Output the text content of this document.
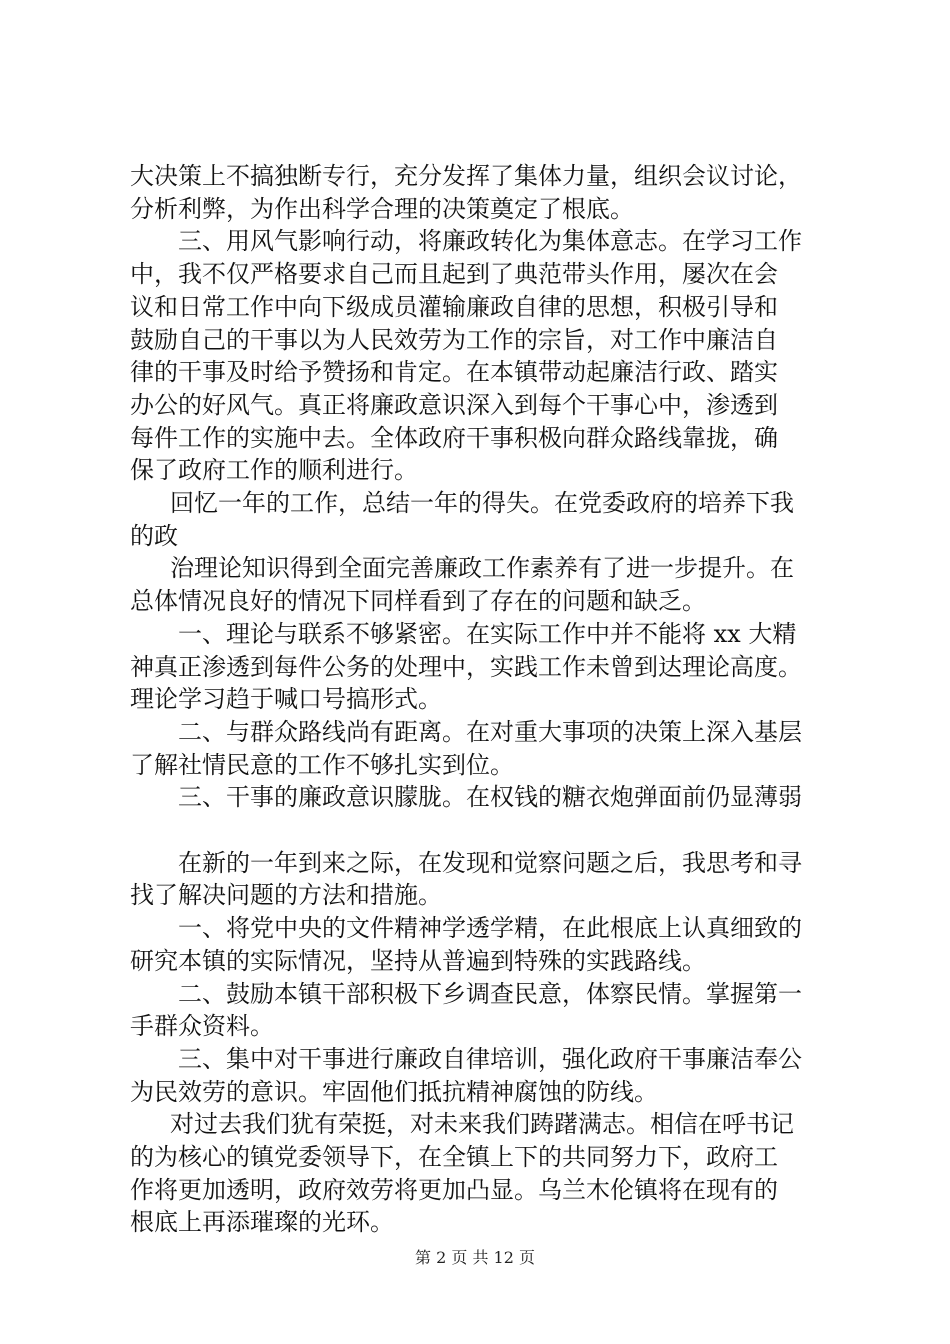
大决策上不搞独断专行，充分发挥了集体力量，组织会议讨论，
分析利弊，为作出科学合理的决策奠定了根底。
三、用风气影响行动，将廉政转化为集体意志。在学习工作
中，我不仅严格要求自己而且起到了典范带头作用，屡次在会
议和日常工作中向下级成员灌输廉政自律的思想，积极引导和
鼓励自己的干事以为人民效劳为工作的宗旨，对工作中廉洁自
律的干事及时给予赞扬和肯定。在本镇带动起廉洁行政、踏实
办公的好风气。真正将廉政意识深入到每个干事心中，渗透到
每件工作的实施中去。全体政府干事积极向群众路线靠拢，确
保了政府工作的顺利进行。
回忆一年的工作，总结一年的得失。在党委政府的培养下我
的政
治理论知识得到全面完善廉政工作素养有了进一步提升。在
总体情况良好的情况下同样看到了存在的问题和缺乏。
一、理论与联系不够紧密。在实际工作中并不能将 xx 大精
神真正渗透到每件公务的处理中，实践工作未曾到达理论高度。
理论学习趋于喊口号搞形式。
二、与群众路线尚有距离。在对重大事项的决策上深入基层
了解社情民意的工作不够扎实到位。
三、干事的廉政意识朦胧。在权钱的糖衣炮弹面前仍显薄弱
在新的一年到来之际，在发现和觉察问题之后，我思考和寻
找了解决问题的方法和措施。
一、将党中央的文件精神学透学精，在此根底上认真细致的
研究本镇的实际情况，坚持从普遍到特殊的实践路线。
二、鼓励本镇干部积极下乡调查民意，体察民情。掌握第一
手群众资料。
三、集中对干事进行廉政自律培训，强化政府干事廉洁奉公
为民效劳的意识。牢固他们抵抗精神腐蚀的防线。
对过去我们犹有荣挺，对未来我们踌躇满志。相信在呼书记
的为核心的镇党委领导下，在全镇上下的共同努力下，政府工
作将更加透明，政府效劳将更加凸显。乌兰木伦镇将在现有的
根底上再添璀璨的光环。
第 2 页 共 12 页
